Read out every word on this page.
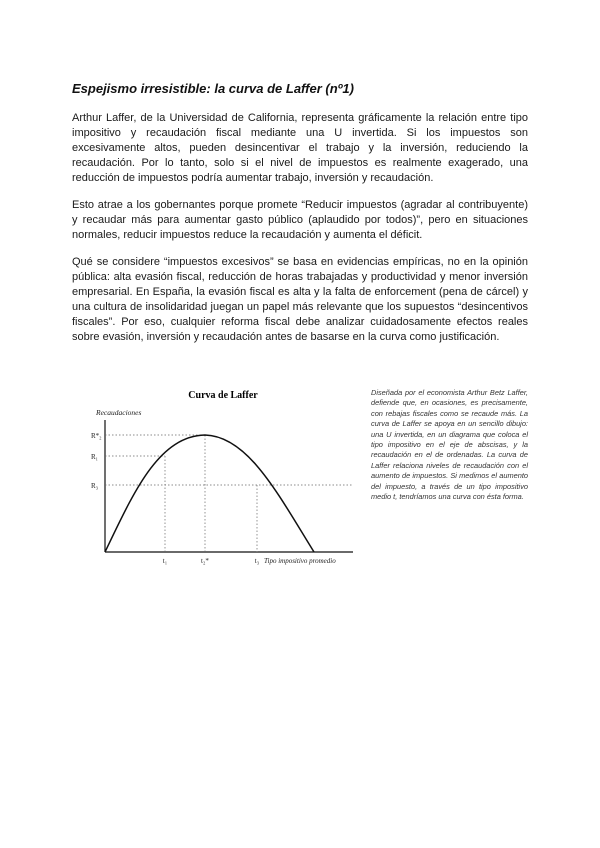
Espejismo irresistible: la curva de Laffer (nº1)

Arthur Laffer, de la Universidad de California, representa gráficamente la relación entre tipo impositivo y recaudación fiscal mediante una U invertida. Si los impuestos son excesivamente altos, pueden desincentivar el trabajo y la inversión, reduciendo la recaudación. Por lo tanto, solo si el nivel de impuestos es realmente exagerado, una reducción de impuestos podría aumentar trabajo, inversión y recaudación.

Esto atrae a los gobernantes porque promete “Reducir impuestos (agradar al contribuyente) y recaudar más para aumentar gasto público (aplaudido por todos)”, pero en situaciones normales, reducir impuestos reduce la recaudación y aumenta el déficit.

Qué se considere “impuestos excesivos” se basa en evidencias empíricas, no en la opinión pública: alta evasión fiscal, reducción de horas trabajadas y productividad y menor inversión empresarial. En España, la evasión fiscal es alta y la falta de enforcement (pena de cárcel) y una cultura de insolidaridad juegan un papel más relevante que los supuestos “desincentivos fiscales”. Por eso, cualquier reforma fiscal debe analizar cuidadosamente efectos reales sobre evasión, inversión y recaudación antes de basarse en la curva como justificación.

Curva de Laffer
Recaudaciones
R*₂
R₁
R₃
t₁	t₂*	t₃ Tipo impositivo promedio

Diseñada por el economista Arthur Betz Laffer, defiende que, en ocasiones, es precisamente, con rebajas fiscales como se recaude más. La curva de Laffer se apoya en un sencillo dibujo: una U invertida, en un diagrama que coloca el tipo impositivo en el eje de abscisas, y la recaudación en el de ordenadas. La curva de Laffer relaciona niveles de recaudación con el aumento de impuestos. Si medimos el aumento del impuesto, a través de un tipo impositivo medio t, tendríamos una curva con ésta forma.
